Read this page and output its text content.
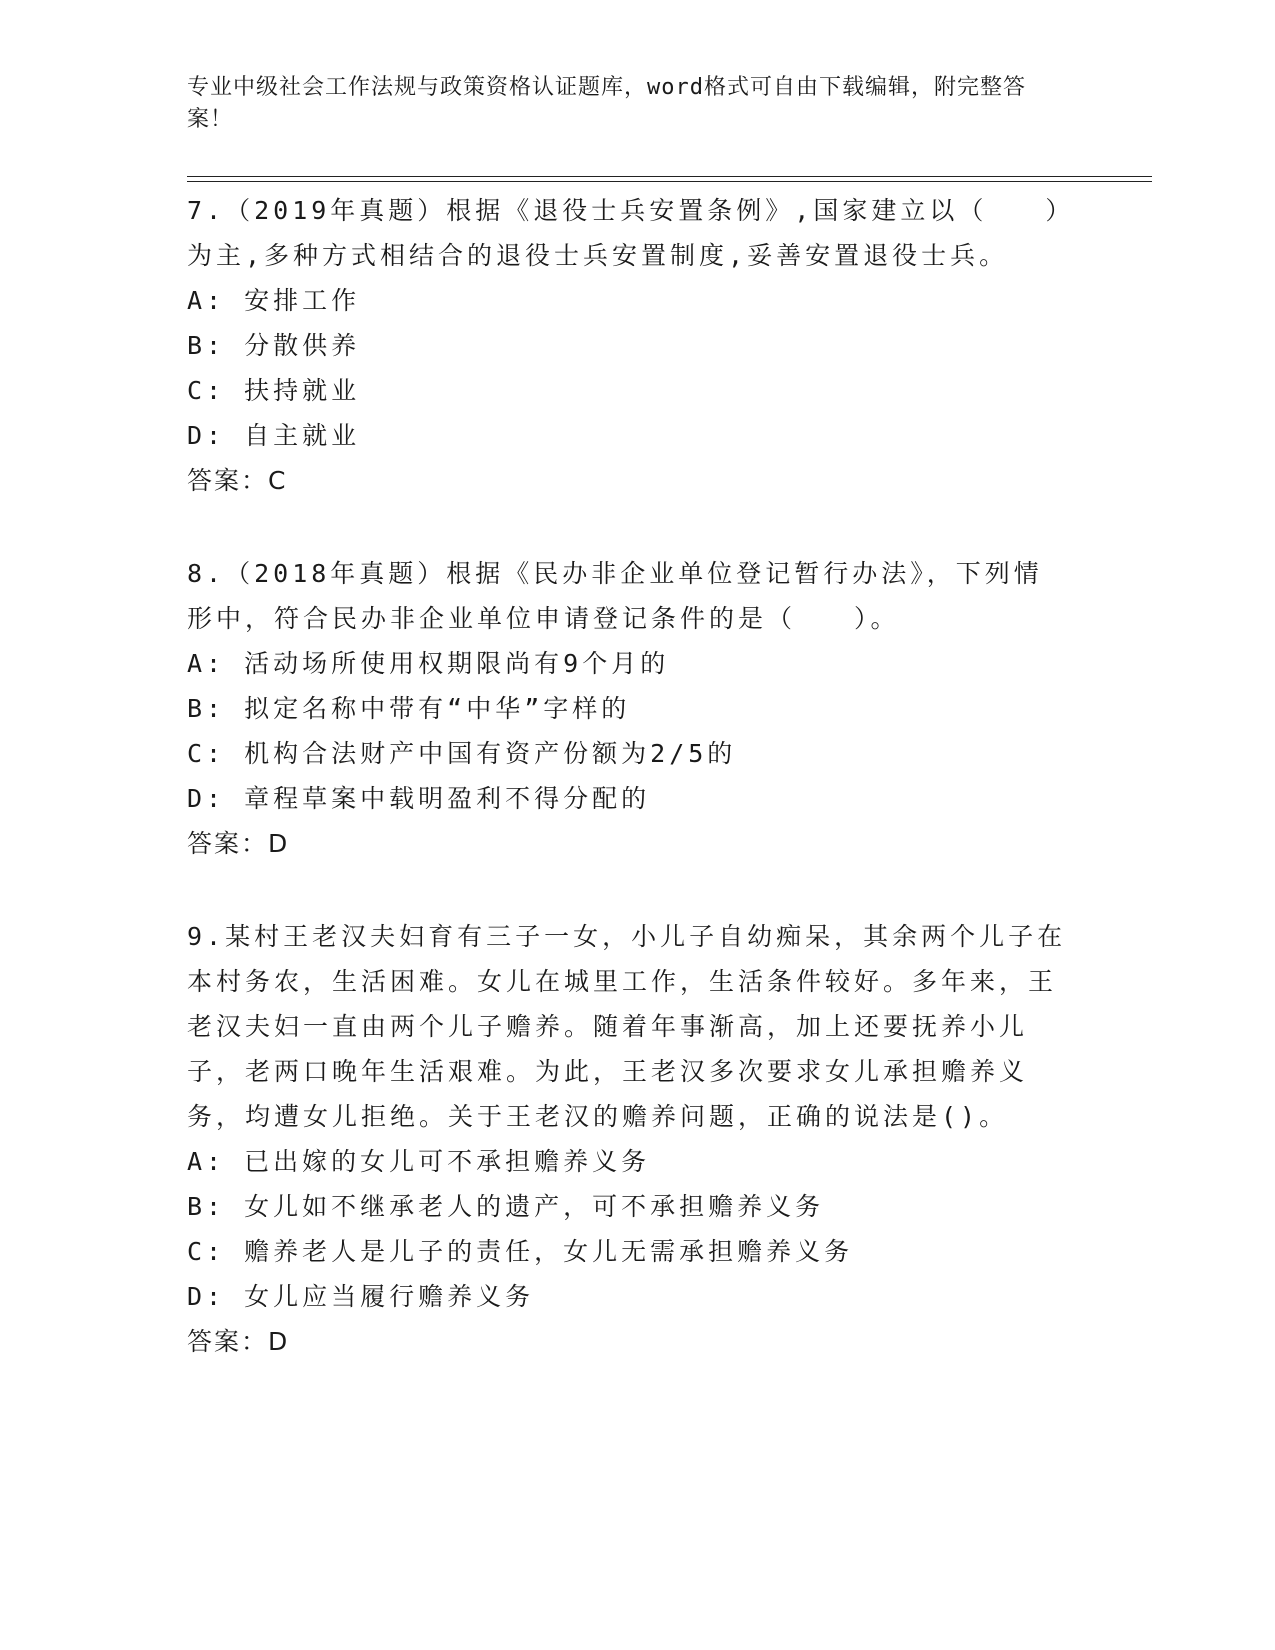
专业中级社会工作法规与政策资格认证题库，word格式可自由下载编辑，附完整答案！
7.（2019年真题）根据《退役士兵安置条例》,国家建立以（　　）为主,多种方式相结合的退役士兵安置制度,妥善安置退役士兵。
A: 安排工作
B: 分散供养
C: 扶持就业
D: 自主就业
答案：C
8.（2018年真题）根据《民办非企业单位登记暂行办法》，下列情形中，符合民办非企业单位申请登记条件的是（　　）。
A: 活动场所使用权期限尚有9个月的
B: 拟定名称中带有“中华”字样的
C: 机构合法财产中国有资产份额为2/5的
D: 章程草案中载明盈利不得分配的
答案：D
9.某村王老汉夫妇育有三子一女，小儿子自幼痴呆，其余两个儿子在本村务农，生活困难。女儿在城里工作，生活条件较好。多年来，王老汉夫妇一直由两个儿子赡养。随着年事渐高，加上还要抚养小儿子，老两口晚年生活艰难。为此，王老汉多次要求女儿承担赡养义务，均遭女儿拒绝。关于王老汉的赡养问题，正确的说法是()。
A: 已出嫁的女儿可不承担赡养义务
B: 女儿如不继承老人的遗产，可不承担赡养义务
C: 赡养老人是儿子的责任，女儿无需承担赡养义务
D: 女儿应当履行赡养义务
答案：D
